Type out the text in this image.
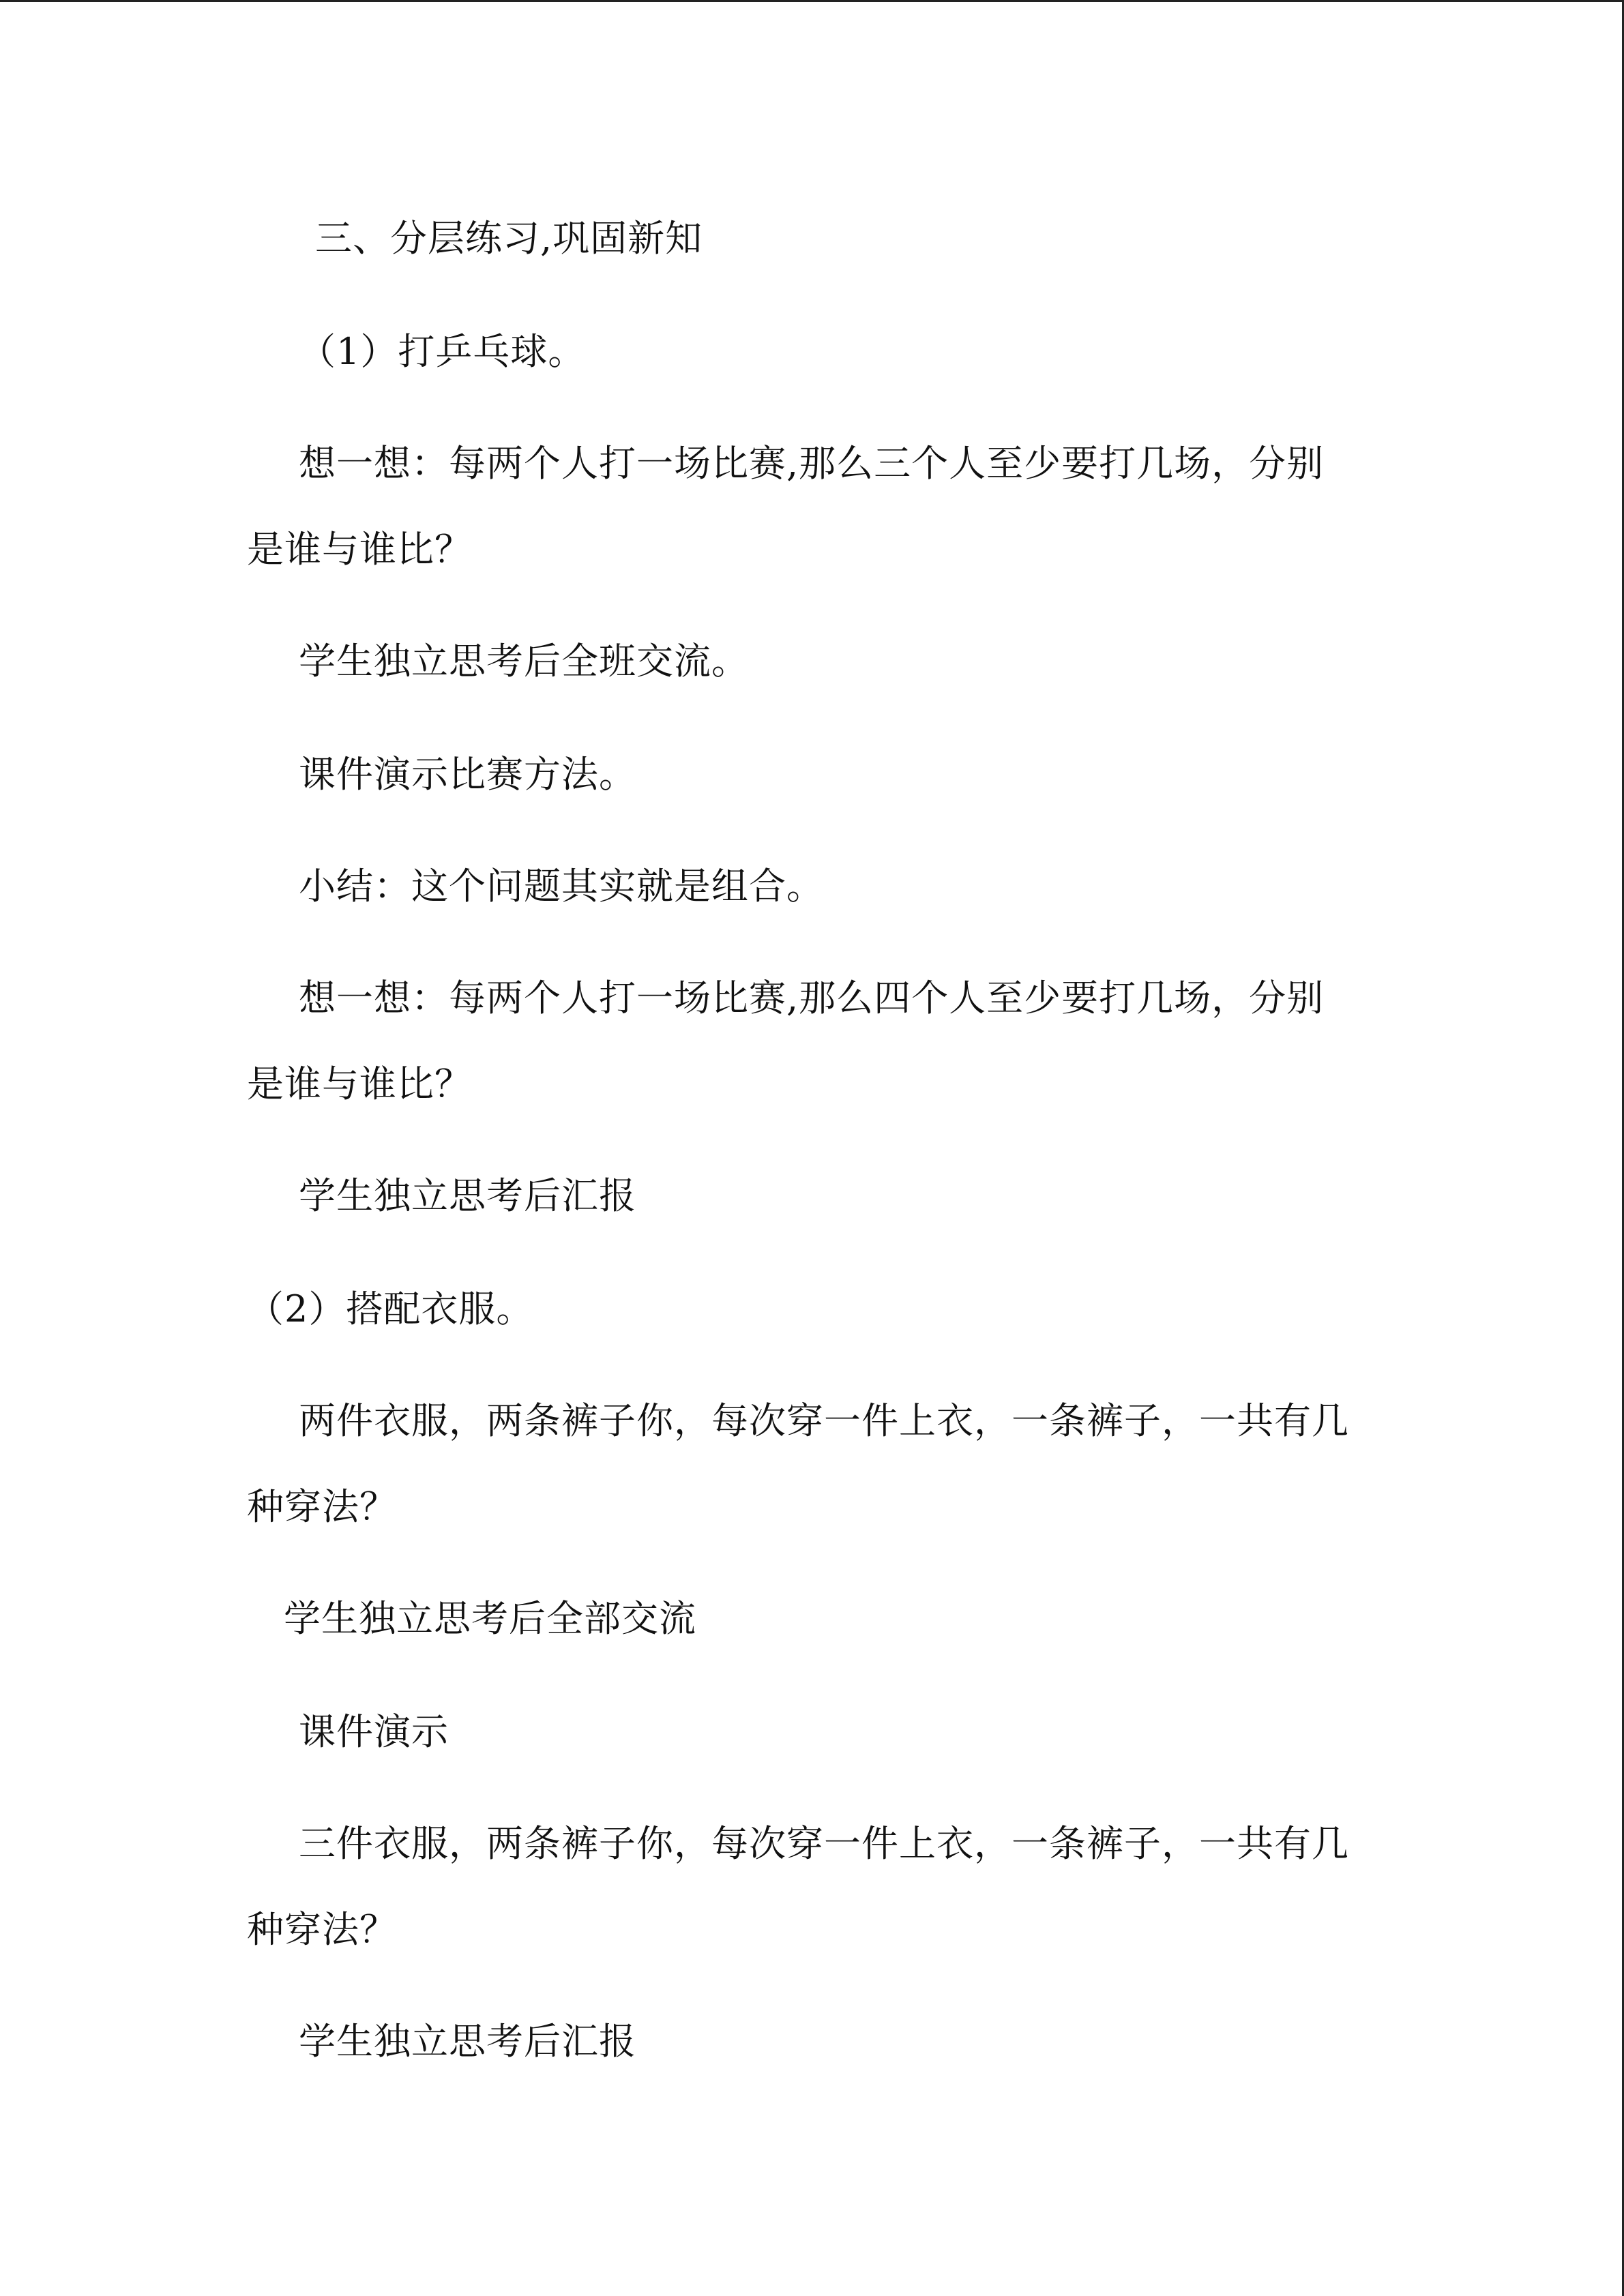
三、分层练习,巩固新知
（1）打乒乓球。
想一想：每两个人打一场比赛,那么三个人至少要打几场，分别
是谁与谁比？
学生独立思考后全班交流。
课件演示比赛方法。
小结：这个问题其实就是组合。
想一想：每两个人打一场比赛,那么四个人至少要打几场，分别
是谁与谁比？
学生独立思考后汇报
（2）搭配衣服。
两件衣服，两条裤子你，每次穿一件上衣，一条裤子，一共有几
种穿法？
学生独立思考后全部交流
课件演示
三件衣服，两条裤子你，每次穿一件上衣，一条裤子，一共有几
种穿法？
学生独立思考后汇报
